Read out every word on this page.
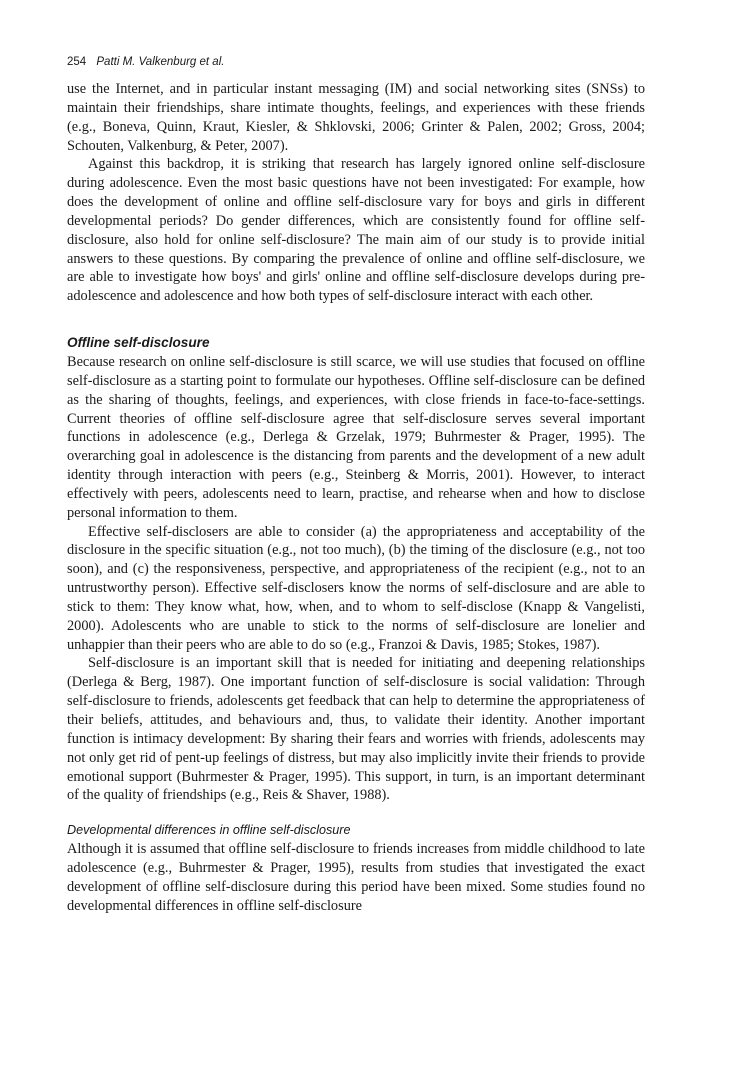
254 Patti M. Valkenburg et al.

use the Internet, and in particular instant messaging (IM) and social networking sites (SNSs) to maintain their friendships, share intimate thoughts, feelings, and experiences with these friends (e.g., Boneva, Quinn, Kraut, Kiesler, & Shklovski, 2006; Grinter & Palen, 2002; Gross, 2004; Schouten, Valkenburg, & Peter, 2007).

Against this backdrop, it is striking that research has largely ignored online self-disclosure during adolescence. Even the most basic questions have not been investigated: For example, how does the development of online and offline self-disclosure vary for boys and girls in different developmental periods? Do gender differences, which are consistently found for offline self-disclosure, also hold for online self-disclosure? The main aim of our study is to provide initial answers to these questions. By comparing the prevalence of online and offline self-disclosure, we are able to investigate how boys' and girls' online and offline self-disclosure develops during pre-adolescence and adolescence and how both types of self-disclosure interact with each other.

Offline self-disclosure

Because research on online self-disclosure is still scarce, we will use studies that focused on offline self-disclosure as a starting point to formulate our hypotheses. Offline self-disclosure can be defined as the sharing of thoughts, feelings, and experiences, with close friends in face-to-face-settings. Current theories of offline self-disclosure agree that self-disclosure serves several important functions in adolescence (e.g., Derlega & Grzelak, 1979; Buhrmester & Prager, 1995). The overarching goal in adolescence is the distancing from parents and the development of a new adult identity through interaction with peers (e.g., Steinberg & Morris, 2001). However, to interact effectively with peers, adolescents need to learn, practise, and rehearse when and how to disclose personal information to them.

Effective self-disclosers are able to consider (a) the appropriateness and acceptability of the disclosure in the specific situation (e.g., not too much), (b) the timing of the disclosure (e.g., not too soon), and (c) the responsiveness, perspective, and appropriateness of the recipient (e.g., not to an untrustworthy person). Effective self-disclosers know the norms of self-disclosure and are able to stick to them: They know what, how, when, and to whom to self-disclose (Knapp & Vangelisti, 2000). Adolescents who are unable to stick to the norms of self-disclosure are lonelier and unhappier than their peers who are able to do so (e.g., Franzoi & Davis, 1985; Stokes, 1987).

Self-disclosure is an important skill that is needed for initiating and deepening relationships (Derlega & Berg, 1987). One important function of self-disclosure is social validation: Through self-disclosure to friends, adolescents get feedback that can help to determine the appropriateness of their beliefs, attitudes, and behaviours and, thus, to validate their identity. Another important function is intimacy development: By sharing their fears and worries with friends, adolescents may not only get rid of pent-up feelings of distress, but may also implicitly invite their friends to provide emotional support (Buhrmester & Prager, 1995). This support, in turn, is an important determinant of the quality of friendships (e.g., Reis & Shaver, 1988).

Developmental differences in offline self-disclosure

Although it is assumed that offline self-disclosure to friends increases from middle childhood to late adolescence (e.g., Buhrmester & Prager, 1995), results from studies that investigated the exact development of offline self-disclosure during this period have been mixed. Some studies found no developmental differences in offline self-disclosure
